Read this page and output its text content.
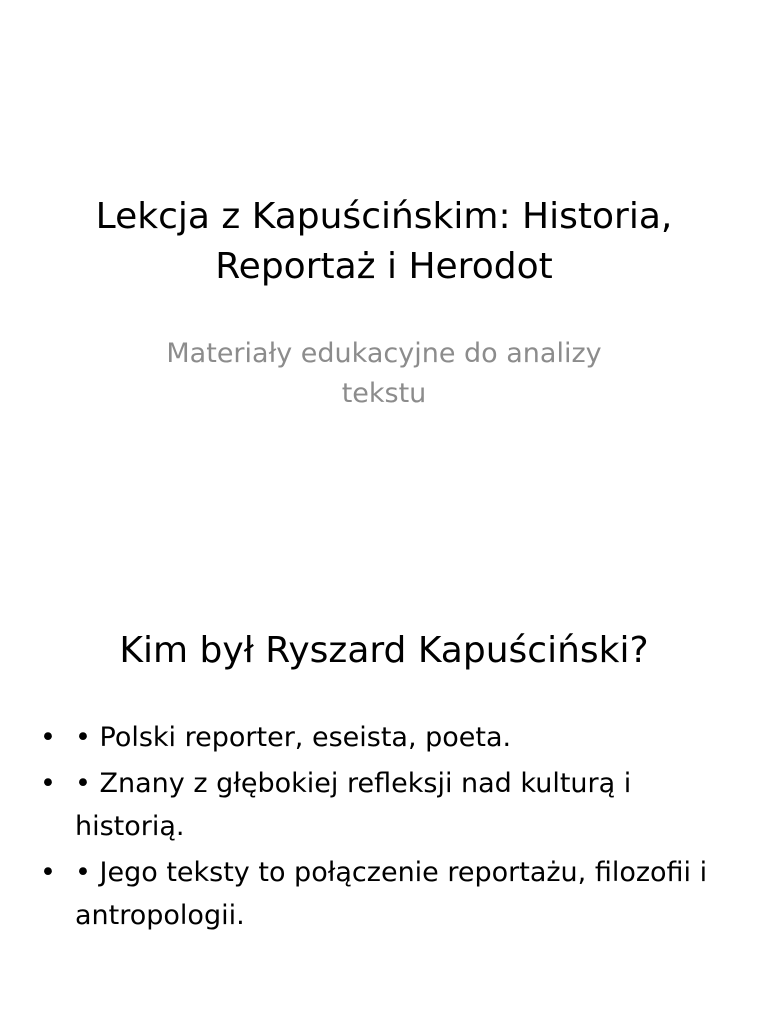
Lekcja z Kapuścińskim: Historia, Reportaż i Herodot

Materiały edukacyjne do analizy tekstu

Kim był Ryszard Kapuściński?
• • Polski reporter, eseista, poeta.
• • Znany z głębokiej refleksji nad kulturą i historią.
• • Jego teksty to połączenie reportażu, filozofii i antropologii.
